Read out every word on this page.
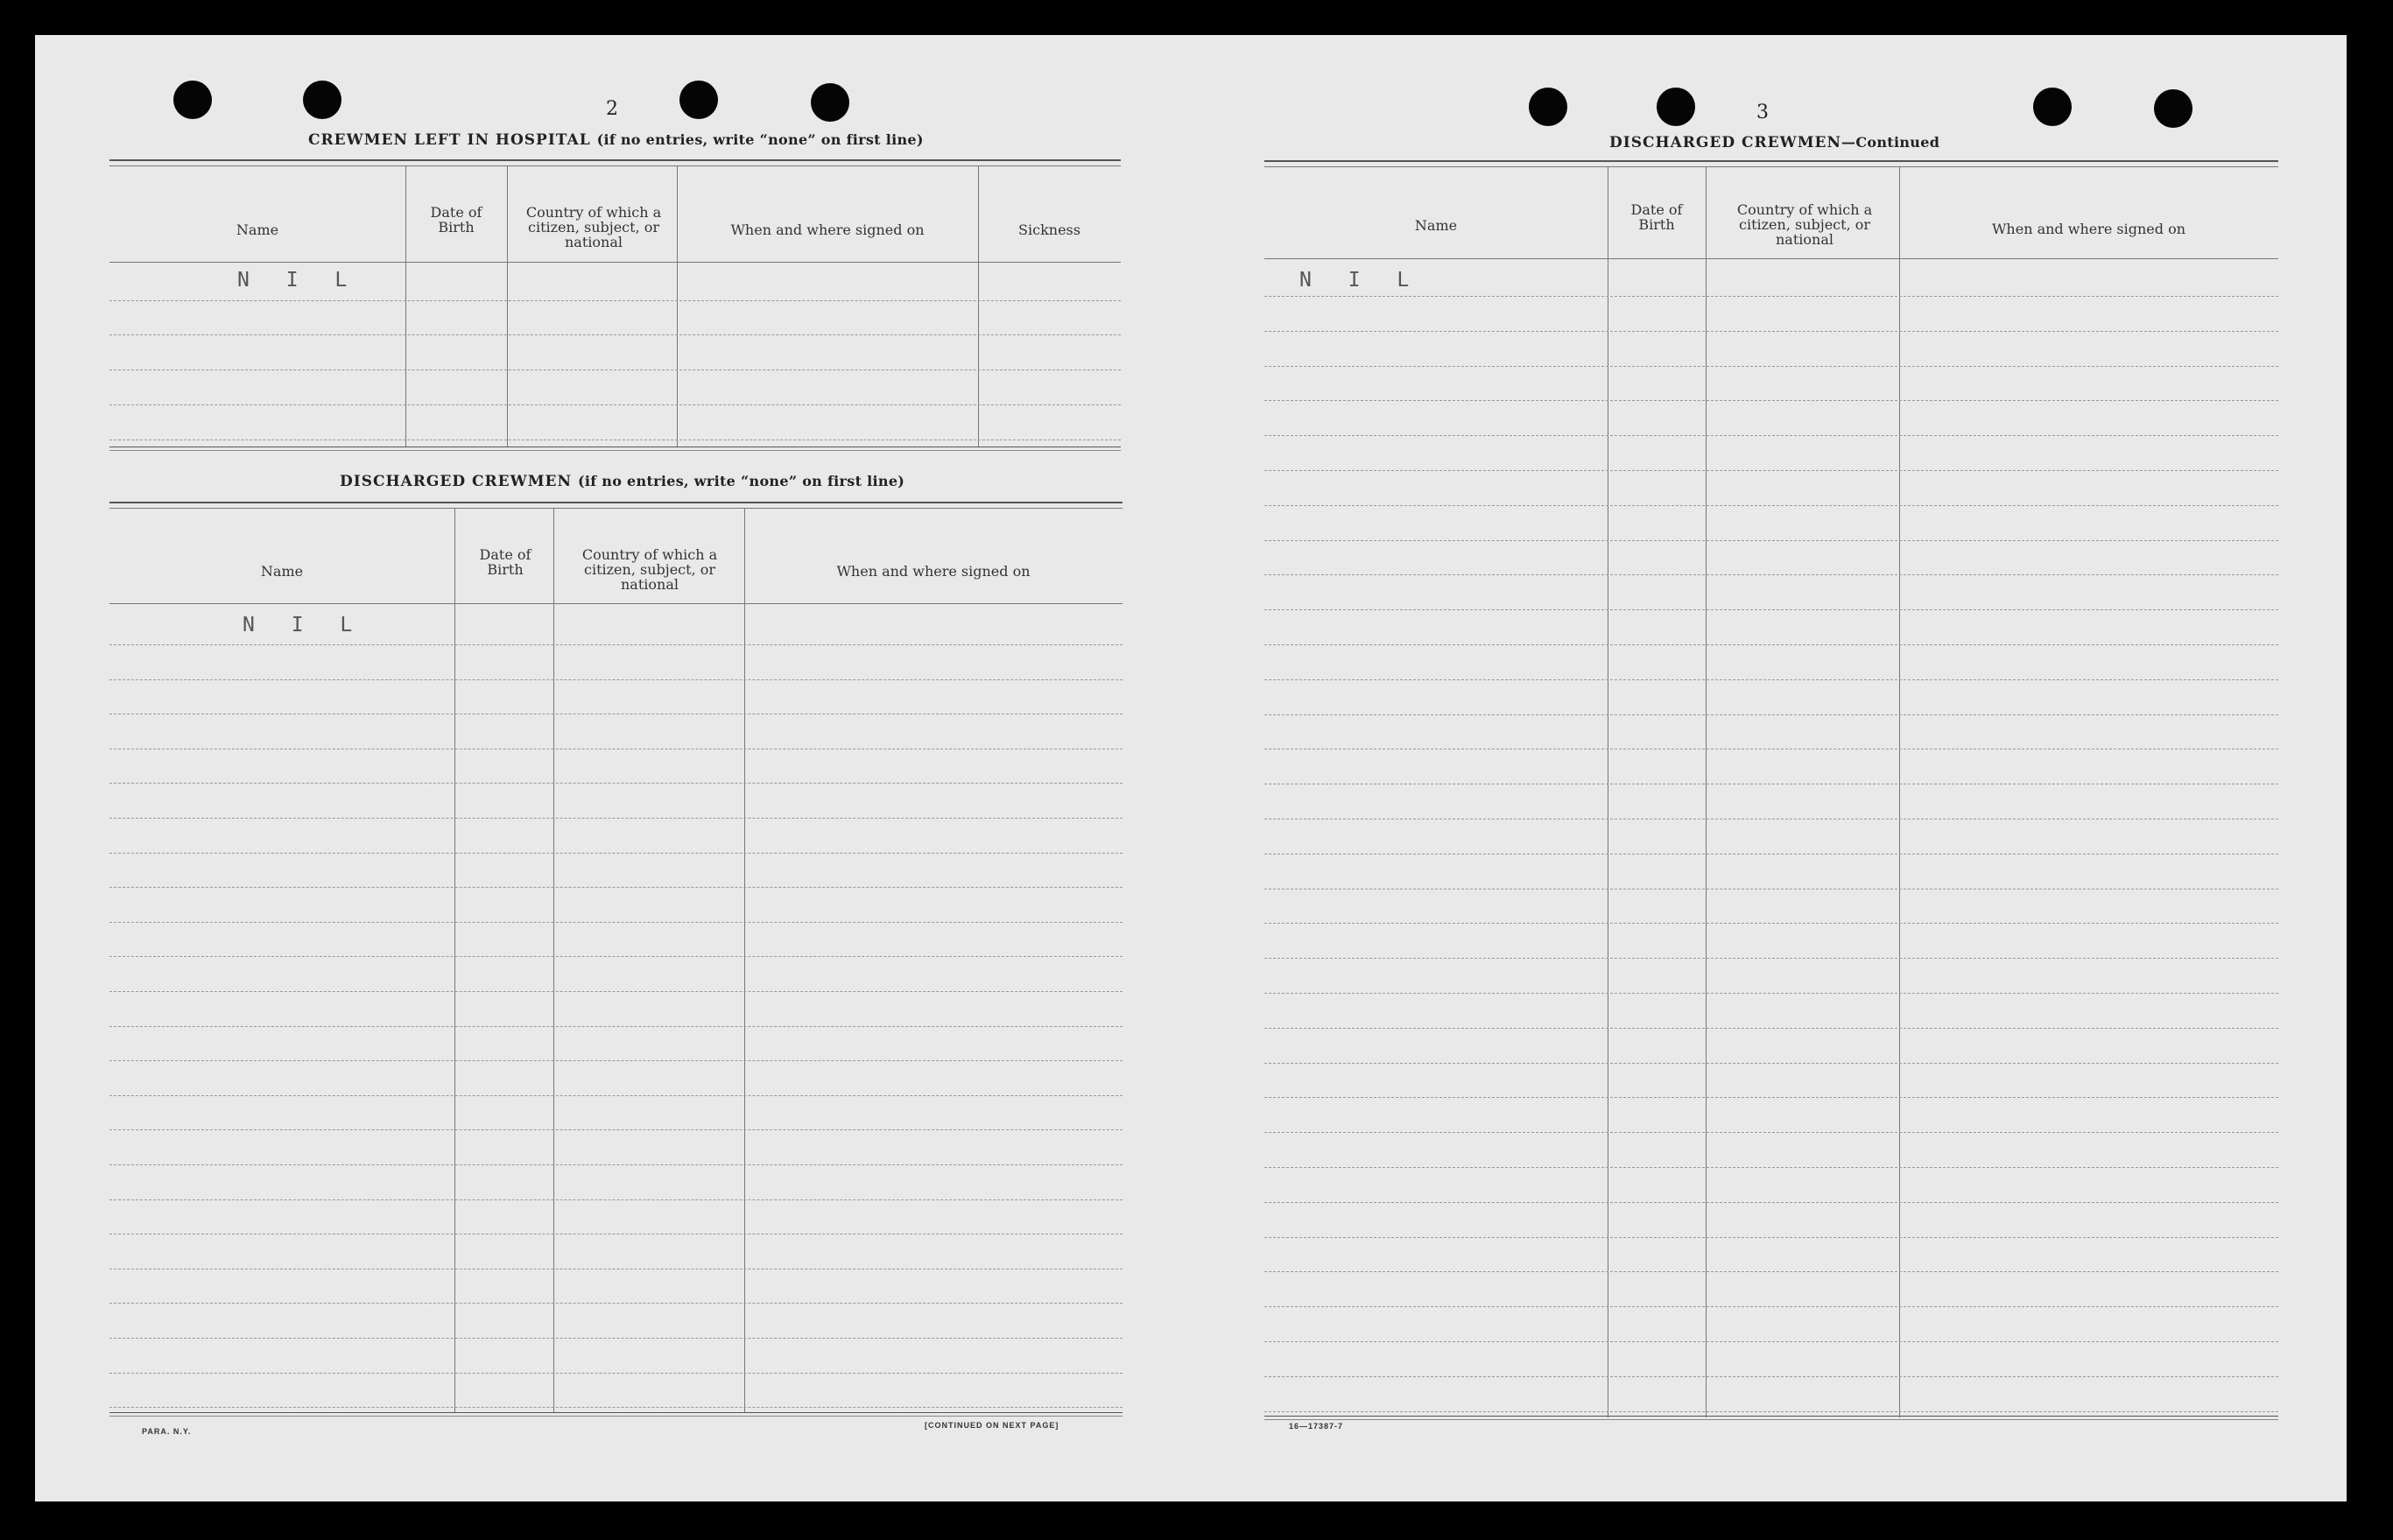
2
CREWMEN LEFT IN HOSPITAL (if no entries, write “none” on first line)
Name
Date of Birth
Country of which a citizen, subject, or national
When and where signed on	Sickness
N I L
DISCHARGED CREWMEN (if no entries, write “none” on first line)
Name
Date of Birth
Country of which a citizen, subject, or national
When and where signed on
N I L
PARA. N.Y.
[CONTINUED ON NEXT PAGE]
3
DISCHARGED CREWMEN—Continued
Name
Date of Birth
Country of which a citizen, subject, or national
When and where signed on
N I L
16—17387-7
